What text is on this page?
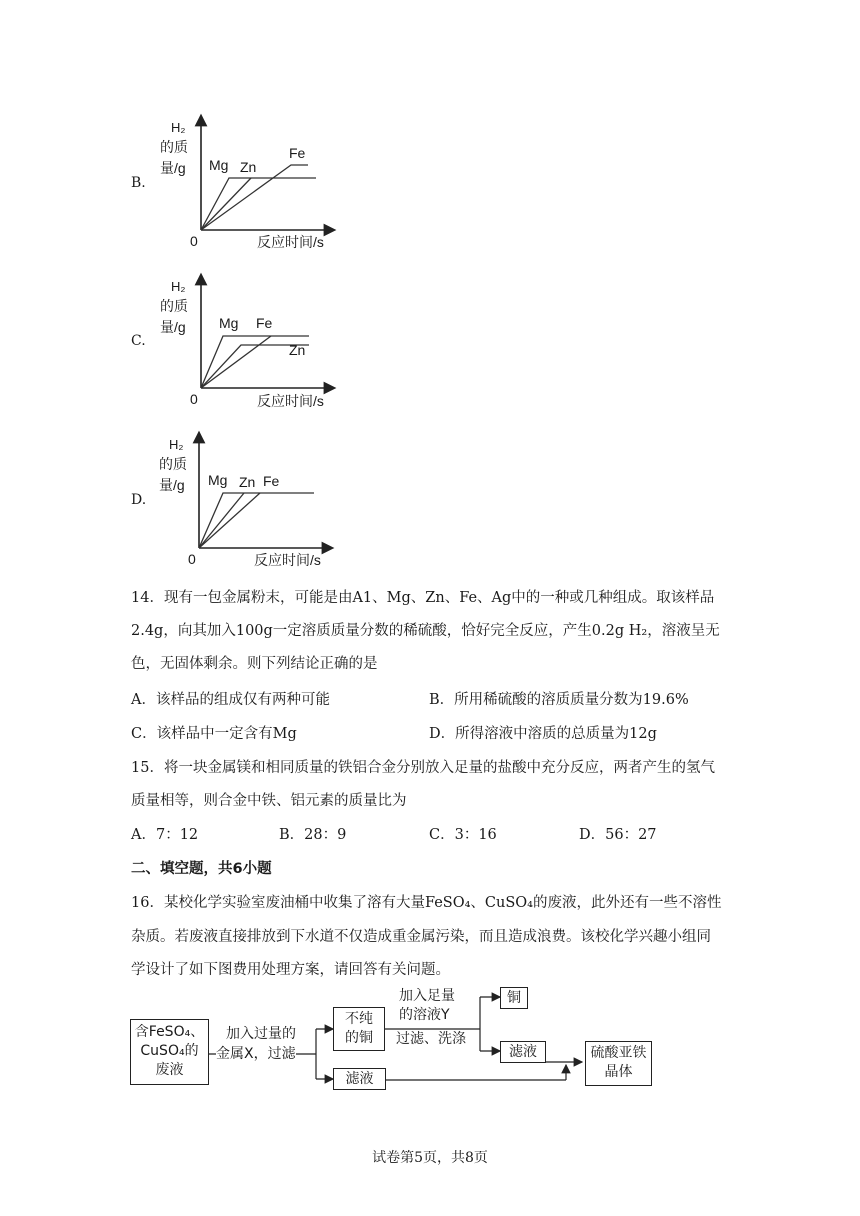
B.
H₂
的质
量/g
0	反应时间/s
Mg Zn
Fe
C.
H₂
的质
量/g
0	反应时间/s
Mg Fe
Zn
D.
H₂
的质
量/g
0	反应时间/s
Mg Zn Fe
14．现有一包金属粉末，可能是由A1、Mg、Zn、Fe、Ag中的一种或几种组成。取该样品
2.4g，向其加入100g一定溶质质量分数的稀硫酸，恰好完全反应，产生0.2g H₂，溶液呈无
色，无固体剩余。则下列结论正确的是
A．该样品的组成仅有两种可能	B．所用稀硫酸的溶质质量分数为19.6%
C．该样品中一定含有Mg	D．所得溶液中溶质的总质量为12g
15．将一块金属镁和相同质量的铁铝合金分别放入足量的盐酸中充分反应，两者产生的氢气
质量相等，则合金中铁、铝元素的质量比为
A．7：12	B．28：9	C．3：16	D．56：27
二、填空题，共6小题
16．某校化学实验室废油桶中收集了溶有大量FeSO₄、CuSO₄的废液，此外还有一些不溶性
杂质。若废液直接排放到下水道不仅造成重金属污染，而且造成浪费。该校化学兴趣小组同
学设计了如下图费用处理方案，请回答有关问题。
含FeSO₄、
CuSO₄的
废液
加入过量的
金属X，过滤
不纯
的铜
加入足量
的溶液Y
过滤、洗涤
铜
滤液
滤液
硫酸亚铁
晶体
试卷第5页，共8页
